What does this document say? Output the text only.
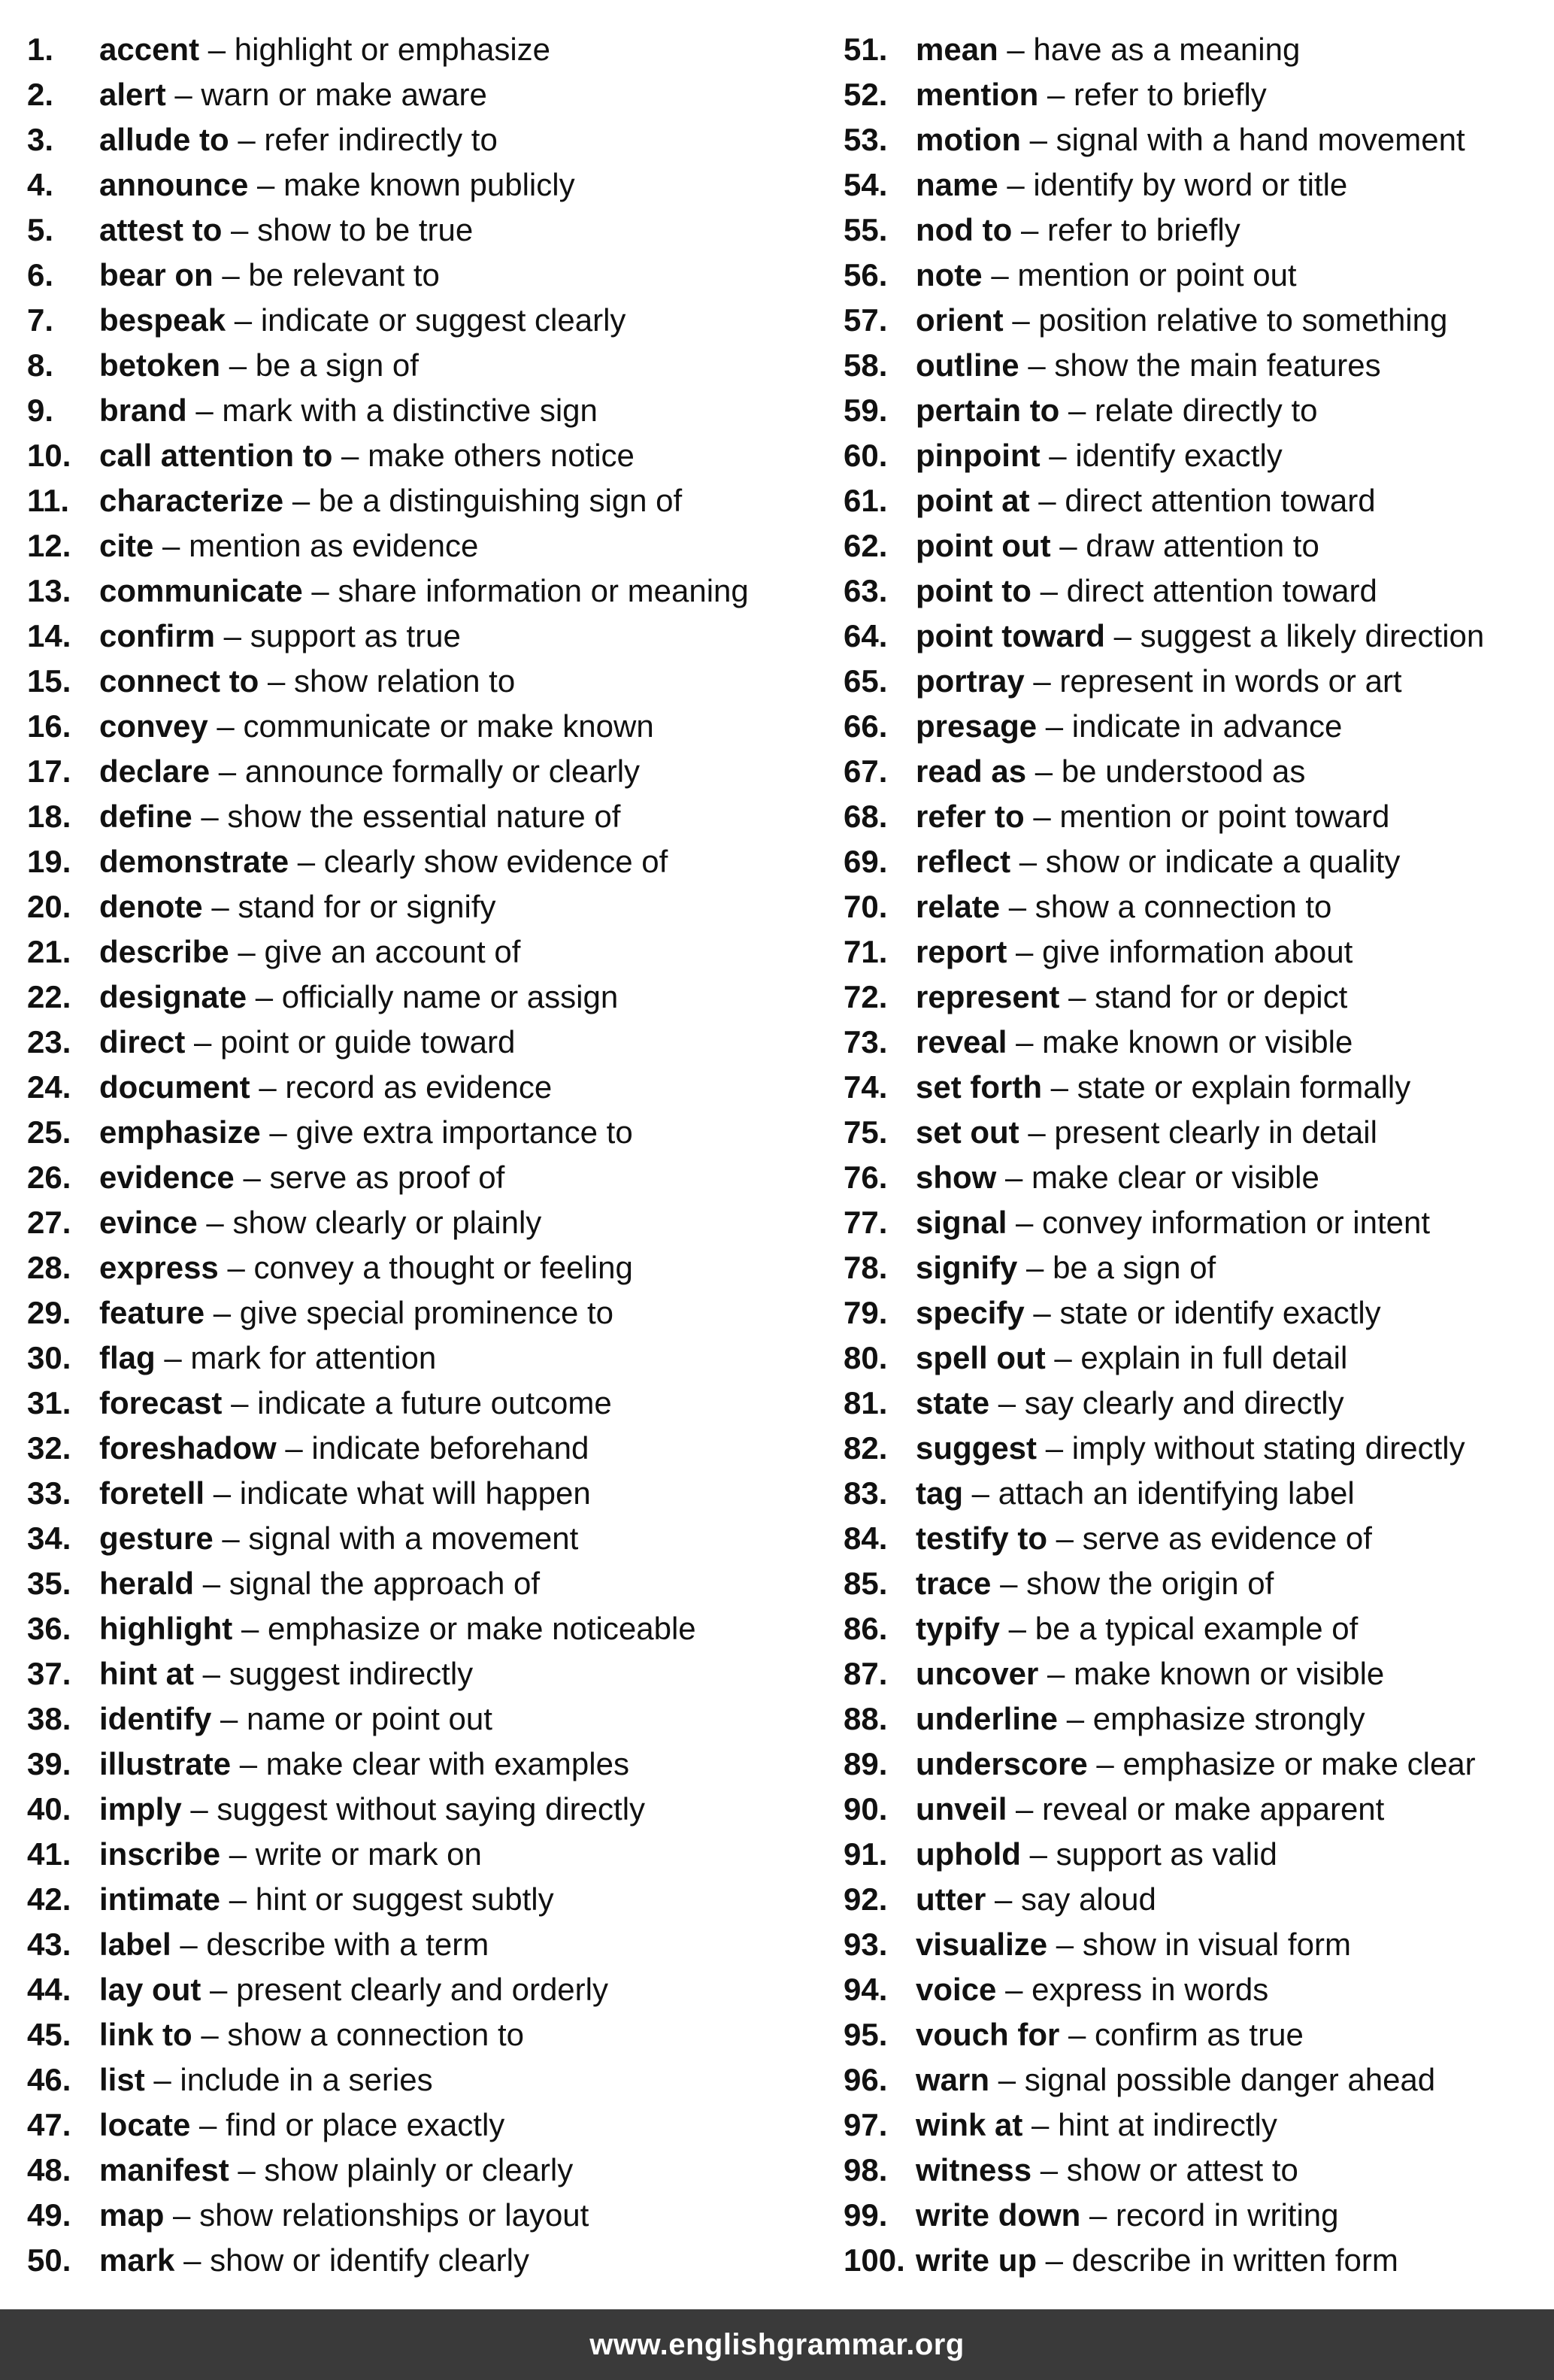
1.	accent – highlight or emphasize
2.	alert – warn or make aware
3.	allude to – refer indirectly to
4.	announce – make known publicly
5.	attest to – show to be true
6.	bear on – be relevant to
7.	bespeak – indicate or suggest clearly
8.	betoken – be a sign of
9.	brand – mark with a distinctive sign
10. call attention to – make others notice
11. characterize – be a distinguishing sign of
12. cite – mention as evidence
13. communicate – share information or meaning
14. confirm – support as true
15. connect to – show relation to
16. convey – communicate or make known
17. declare – announce formally or clearly
18. define – show the essential nature of
19. demonstrate – clearly show evidence of
20. denote – stand for or signify
21. describe – give an account of
22. designate – officially name or assign
23. direct – point or guide toward
24. document – record as evidence
25. emphasize – give extra importance to
26. evidence – serve as proof of
27. evince – show clearly or plainly
28. express – convey a thought or feeling
29. feature – give special prominence to
30. flag – mark for attention
31. forecast – indicate a future outcome
32. foreshadow – indicate beforehand
33. foretell – indicate what will happen
34. gesture – signal with a movement
35. herald – signal the approach of
36. highlight – emphasize or make noticeable
37. hint at – suggest indirectly
38. identify – name or point out
39. illustrate – make clear with examples
40. imply – suggest without saying directly
41. inscribe – write or mark on
42. intimate – hint or suggest subtly
43. label – describe with a term
44. lay out – present clearly and orderly
45. link to – show a connection to
46. list – include in a series
47. locate – find or place exactly
48. manifest – show plainly or clearly
49. map – show relationships or layout
50. mark – show or identify clearly
51. mean – have as a meaning
52. mention – refer to briefly
53. motion – signal with a hand movement
54. name – identify by word or title
55. nod to – refer to briefly
56. note – mention or point out
57. orient – position relative to something
58. outline – show the main features
59. pertain to – relate directly to
60. pinpoint – identify exactly
61. point at – direct attention toward
62. point out – draw attention to
63. point to – direct attention toward
64. point toward – suggest a likely direction
65. portray – represent in words or art
66. presage – indicate in advance
67. read as – be understood as
68. refer to – mention or point toward
69. reflect – show or indicate a quality
70. relate – show a connection to
71. report – give information about
72. represent – stand for or depict
73. reveal – make known or visible
74. set forth – state or explain formally
75. set out – present clearly in detail
76. show – make clear or visible
77. signal – convey information or intent
78. signify – be a sign of
79. specify – state or identify exactly
80. spell out – explain in full detail
81. state – say clearly and directly
82. suggest – imply without stating directly
83. tag – attach an identifying label
84. testify to – serve as evidence of
85. trace – show the origin of
86. typify – be a typical example of
87. uncover – make known or visible
88. underline – emphasize strongly
89. underscore – emphasize or make clear
90. unveil – reveal or make apparent
91. uphold – support as valid
92. utter – say aloud
93. visualize – show in visual form
94. voice – express in words
95. vouch for – confirm as true
96. warn – signal possible danger ahead
97. wink at – hint at indirectly
98. witness – show or attest to
99. write down – record in writing
100. write up – describe in written form
www.englishgrammar.org
